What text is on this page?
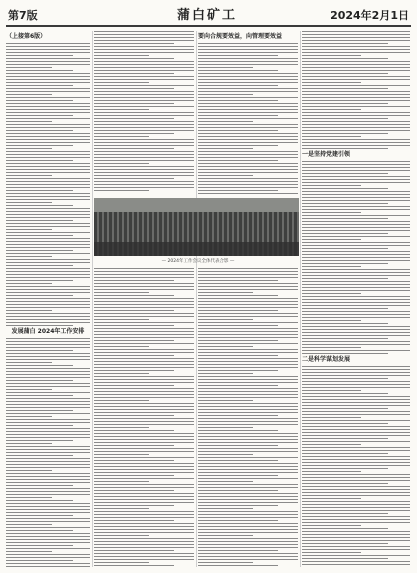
第7版	蒲白矿工	2024年2月1日
（上接第6版）
发展蒲白 2024年工作安排
要向合规要效益，向管理要效益
— 2024年工作会议全体代表合影 —
一是坚持党建引领
二是科学谋划发展
